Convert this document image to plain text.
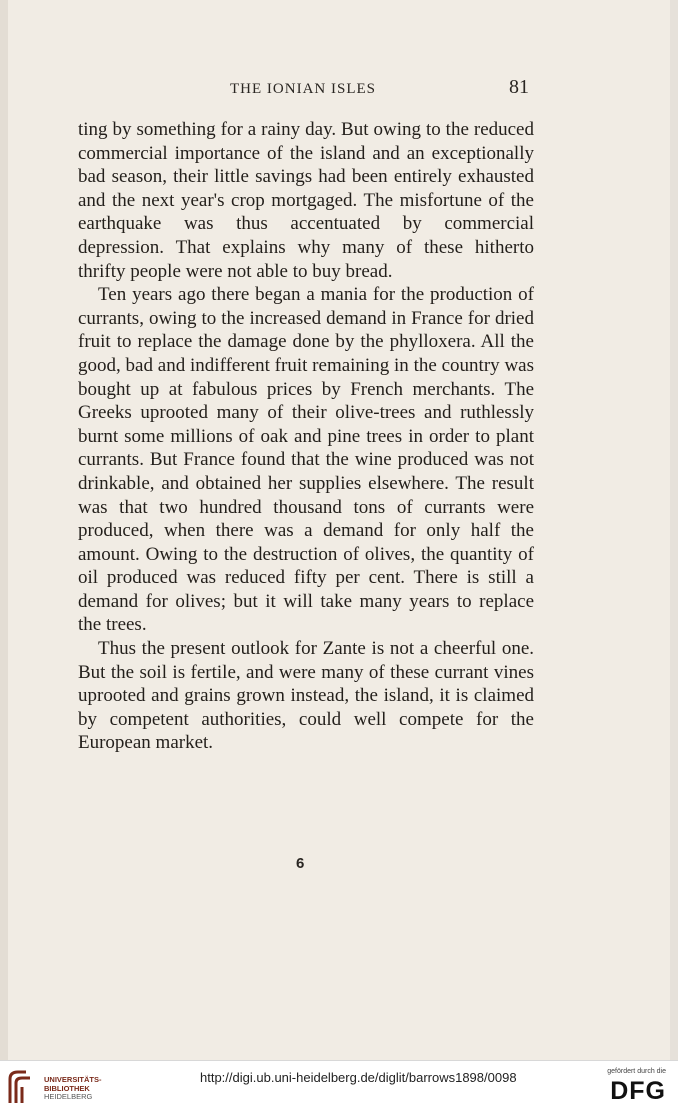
THE IONIAN ISLES	81

ting by something for a rainy day. But owing to the reduced commercial importance of the island and an exceptionally bad season, their little savings had been entirely exhausted and the next year's crop mortgaged. The misfortune of the earthquake was thus accentuated by commercial depression. That explains why many of these hitherto thrifty people were not able to buy bread.

Ten years ago there began a mania for the production of currants, owing to the increased demand in France for dried fruit to replace the damage done by the phylloxera. All the good, bad and indifferent fruit remaining in the country was bought up at fabulous prices by French merchants. The Greeks uprooted many of their olive-trees and ruthlessly burnt some millions of oak and pine trees in order to plant currants. But France found that the wine produced was not drinkable, and obtained her supplies elsewhere. The result was that two hundred thousand tons of currants were produced, when there was a demand for only half the amount. Owing to the destruction of olives, the quantity of oil produced was reduced fifty per cent. There is still a demand for olives; but it will take many years to replace the trees.

Thus the present outlook for Zante is not a cheerful one. But the soil is fertile, and were many of these currant vines uprooted and grains grown instead, the island, it is claimed by competent authorities, could well compete for the European market.

6
UNIVERSITÄTS-
BIBLIOTHEK
HEIDELBERG
http://digi.ub.uni-heidelberg.de/diglit/barrows1898/0098	gefördert durch die
DFG
